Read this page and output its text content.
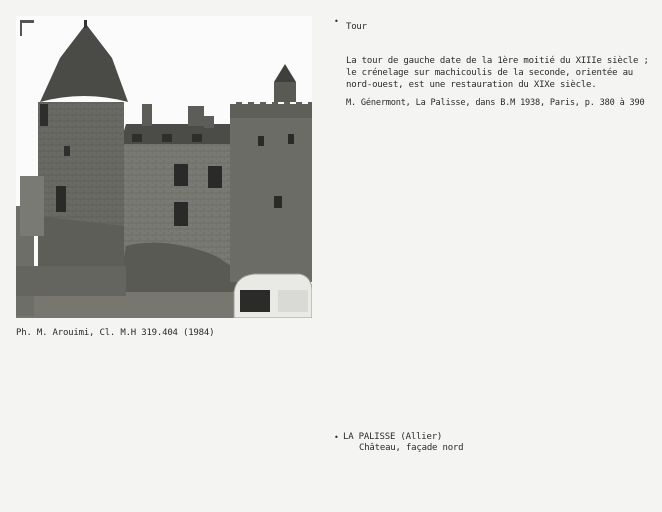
•
Tour
La tour de gauche date de la 1ère moitié du XIIIe siècle ;
le crénelage sur machicoulis de la seconde, orientée au
nord-ouest, est une restauration du XIXe siècle.
M. Génermont, La Palisse, dans B.M 1938, Paris, p. 380 à 390
Ph. M. Arouimi, Cl. M.H 319.404 (1984)
• LA PALISSE (Allier)
Château, façade nord
